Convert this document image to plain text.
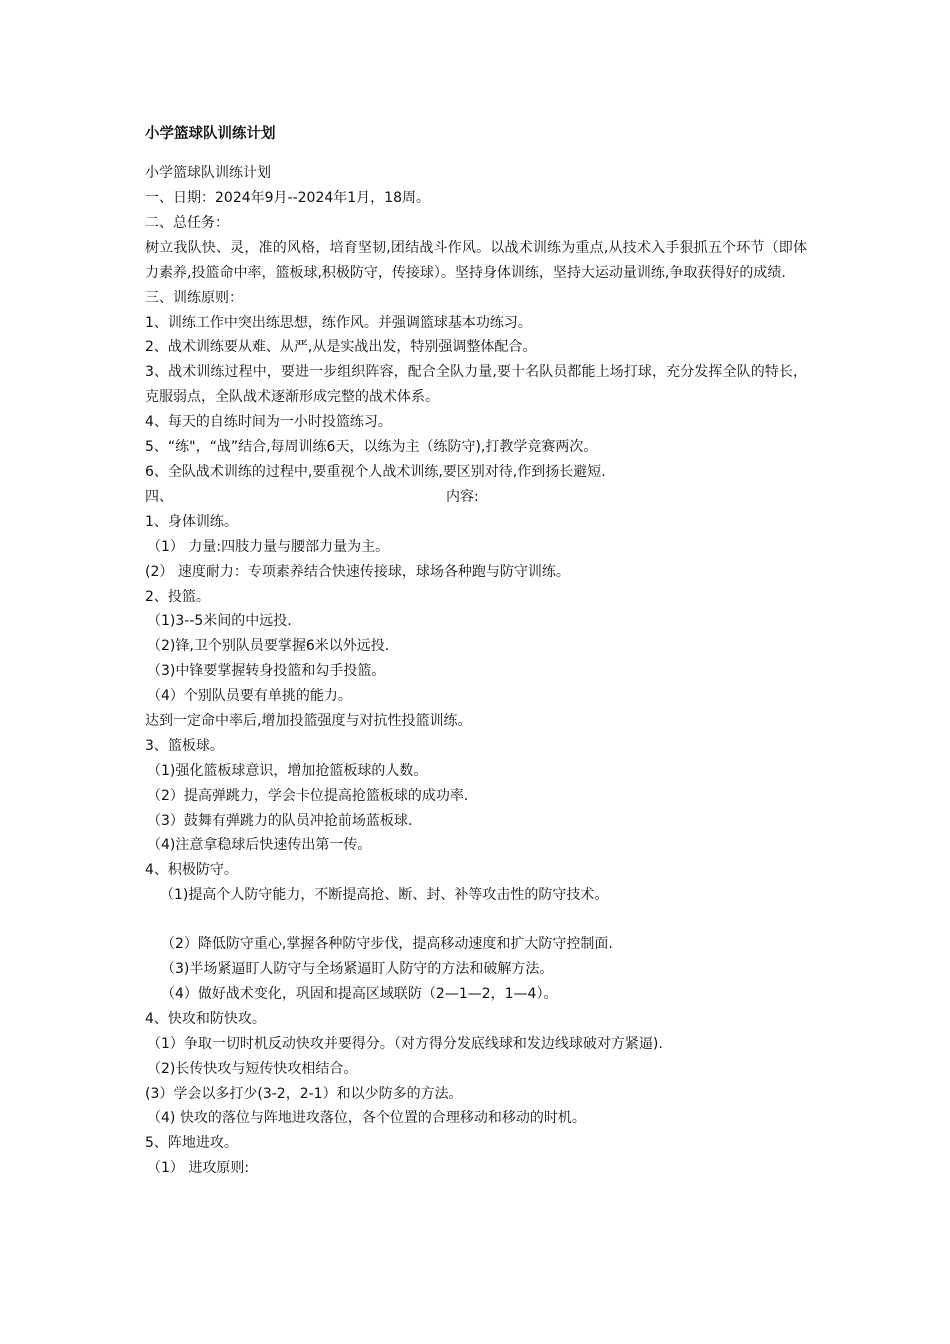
小学篮球队训练计划
小学篮球队训练计划
一、日期：2024年9月--2024年1月，18周。
二、总任务：
树立我队快、灵，准的风格，培育坚韧,团结战斗作风。以战术训练为重点,从技术入手狠抓五个环节（即体力素养,投篮命中率，篮板球,积极防守，传接球）。坚持身体训练，坚持大运动量训练,争取获得好的成绩.
三、训练原则：
1、训练工作中突出练思想，练作风。并强调篮球基本功练习。
2、战术训练要从难、从严,从是实战出发，特别强调整体配合。
3、战术训练过程中，要进一步组织阵容，配合全队力量,要十名队员都能上场打球，充分发挥全队的特长，克服弱点，全队战术逐渐形成完整的战术体系。
4、每天的自练时间为一小时投篮练习。
5、“练"，“战”结合,每周训练6天，以练为主（练防守),打教学竞赛两次。
6、全队战术训练的过程中,要重视个人战术训练,要区别对待,作到扬长避短.
四、	内容:
1、身体训练。
（1） 力量:四肢力量与腰部力量为主。
(2） 速度耐力：专项素养结合快速传接球，球场各种跑与防守训练。
2、投篮。
（1)3--5米间的中远投.
（2)锋,卫个别队员要掌握6米以外远投.
（3)中锋要掌握转身投篮和勾手投篮。
（4）个别队员要有单挑的能力。
达到一定命中率后,增加投篮强度与对抗性投篮训练。
3、篮板球。
（1)强化篮板球意识，增加抢篮板球的人数。
（2）提高弹跳力，学会卡位提高抢篮板球的成功率.
（3）鼓舞有弹跳力的队员冲抢前场蓝板球.
（4)注意拿稳球后快速传出第一传。
4、积极防守。
（1)提高个人防守能力，不断提高抢、断、封、补等攻击性的防守技术。
（2）降低防守重心,掌握各种防守步伐，提高移动速度和扩大防守控制面.
（3)半场紧逼盯人防守与全场紧逼盯人防守的方法和破解方法。
（4）做好战术变化，巩固和提高区域联防（2—1—2，1—4）。
4、快攻和防快攻。
（1）争取一切时机反动快攻并要得分。（对方得分发底线球和发边线球破对方紧逼).
（2)长传快攻与短传快攻相结合。
(3）学会以多打少(3-2，2-1）和以少防多的方法。
（4) 快攻的落位与阵地进攻落位，各个位置的合理移动和移动的时机。
5、阵地进攻。
（1） 进攻原则:
